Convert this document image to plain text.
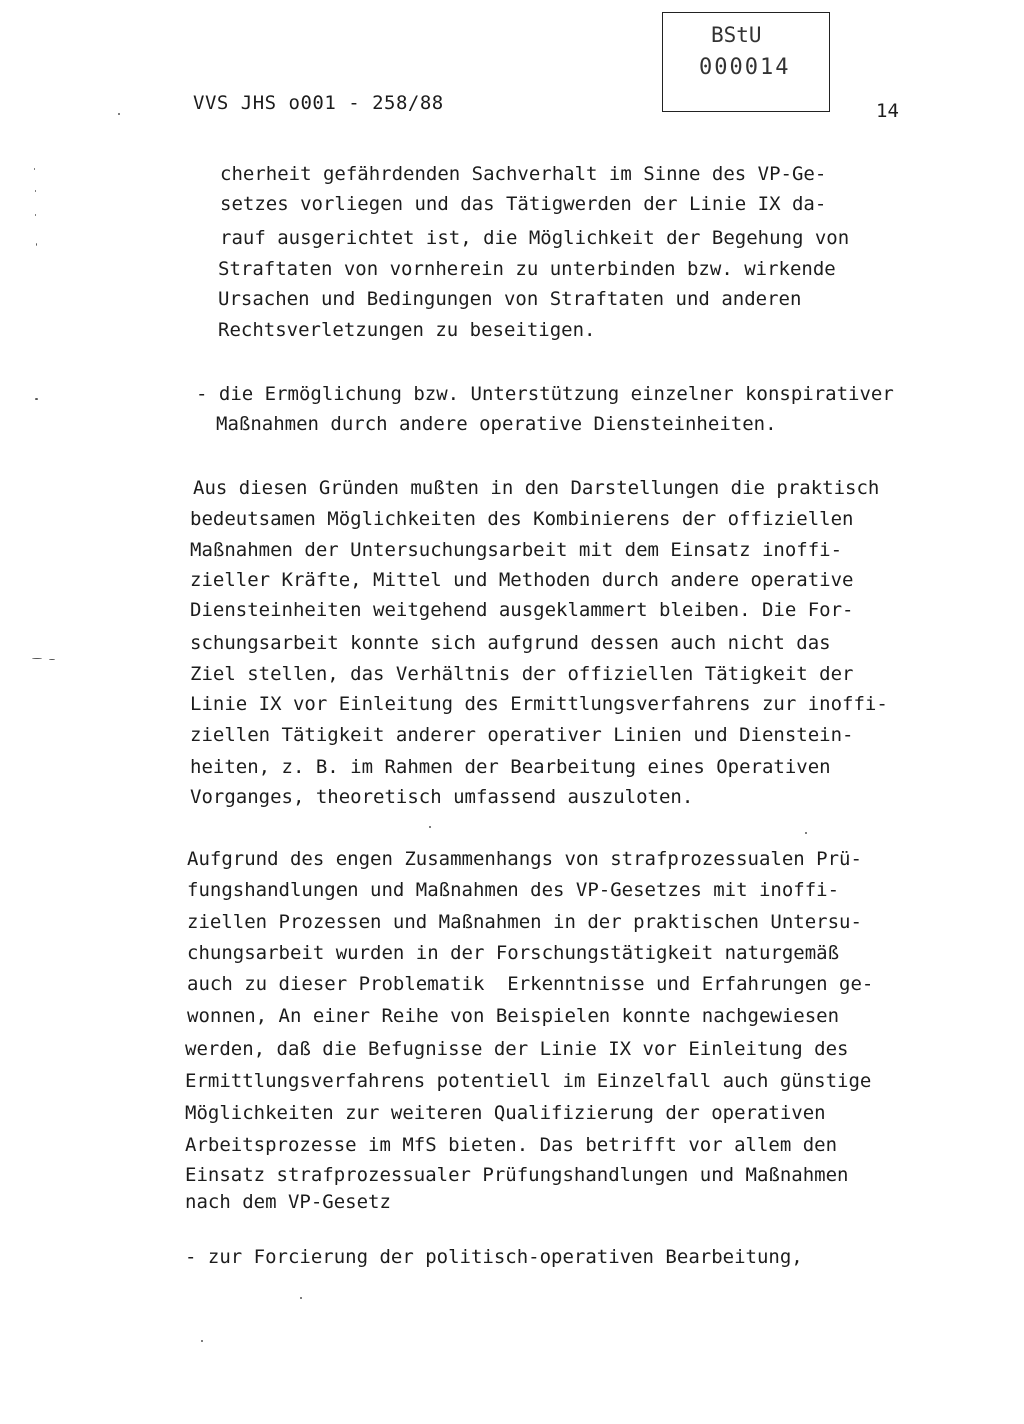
VVS JHS o001 - 258/88
BStU
000014
14
cherheit gefährdenden Sachverhalt im Sinne des VP-Ge-
setzes vorliegen und das Tätigwerden der Linie IX da-
rauf ausgerichtet ist, die Möglichkeit der Begehung von
Straftaten von vornherein zu unterbinden bzw. wirkende
Ursachen und Bedingungen von Straftaten und anderen
Rechtsverletzungen zu beseitigen.
- die Ermöglichung bzw. Unterstützung einzelner konspirativer
Maßnahmen durch andere operative Diensteinheiten.
Aus diesen Gründen mußten in den Darstellungen die praktisch
bedeutsamen Möglichkeiten des Kombinierens der offiziellen
Maßnahmen der Untersuchungsarbeit mit dem Einsatz inoffi-
zieller Kräfte, Mittel und Methoden durch andere operative
Diensteinheiten weitgehend ausgeklammert bleiben. Die For-
schungsarbeit konnte sich aufgrund dessen auch nicht das
Ziel stellen, das Verhältnis der offiziellen Tätigkeit der
Linie IX vor Einleitung des Ermittlungsverfahrens zur inoffi-
ziellen Tätigkeit anderer operativer Linien und Dienstein-
heiten, z. B. im Rahmen der Bearbeitung eines Operativen
Vorganges, theoretisch umfassend auszuloten.
Aufgrund des engen Zusammenhangs von strafprozessualen Prü-
fungshandlungen und Maßnahmen des VP-Gesetzes mit inoffi-
ziellen Prozessen und Maßnahmen in der praktischen Untersu-
chungsarbeit wurden in der Forschungstätigkeit naturgemäß
auch zu dieser Problematik  Erkenntnisse und Erfahrungen ge-
wonnen, An einer Reihe von Beispielen konnte nachgewiesen
werden, daß die Befugnisse der Linie IX vor Einleitung des
Ermittlungsverfahrens potentiell im Einzelfall auch günstige
Möglichkeiten zur weiteren Qualifizierung der operativen
Arbeitsprozesse im MfS bieten. Das betrifft vor allem den
Einsatz strafprozessualer Prüfungshandlungen und Maßnahmen
nach dem VP-Gesetz
- zur Forcierung der politisch-operativen Bearbeitung,
